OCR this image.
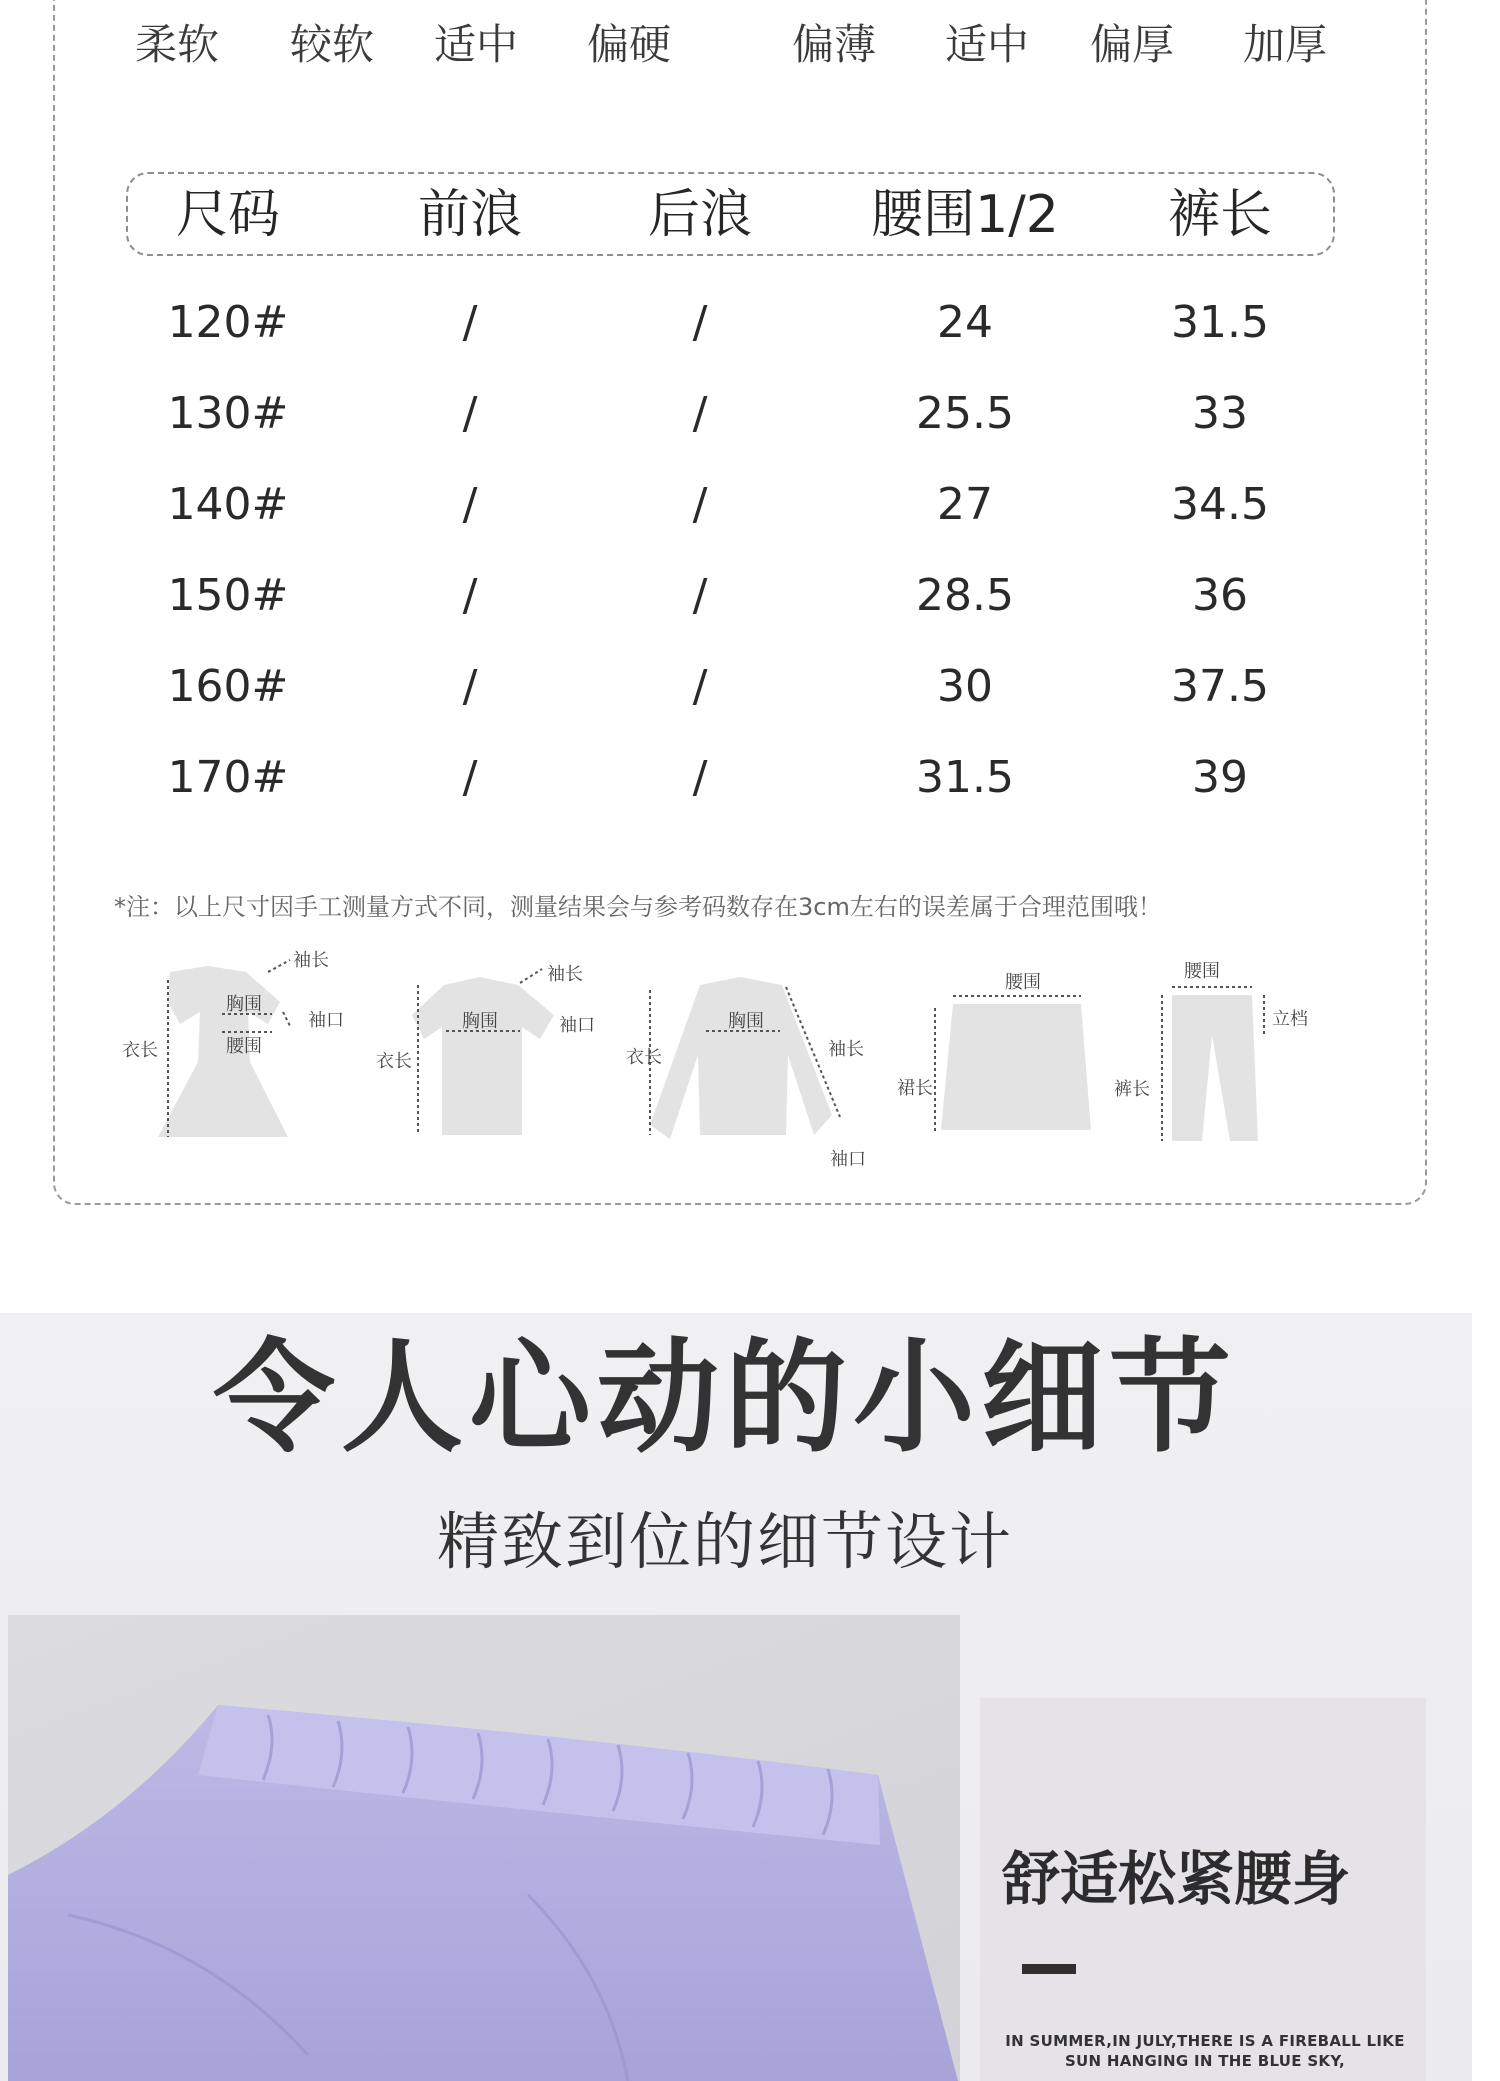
柔软 较软 适中 偏硬	偏薄 适中 偏厚 加厚
尺码	前浪	后浪	腰围1/2	裤长
120#	/	/	24	31.5
130#	/	/	25.5	33
140#	/	/	27	34.5
150#	/	/	28.5	36
160#	/	/	30	37.5
170#	/	/	31.5	39
*注：以上尺寸因手工测量方式不同，测量结果会与参考码数存在3cm左右的误差属于合理范围哦！
胸围
腰围
袖长
袖口
衣长
胸围
袖长
袖口
衣长
胸围
袖长
袖口
衣长
腰围
裙长
腰围
立档
裤长
令人心动的小细节
精致到位的细节设计
舒适松紧腰身
IN SUMMER,IN JULY,THERE IS A FIREBALL LIKE
SUN HANGING IN THE BLUE SKY,
